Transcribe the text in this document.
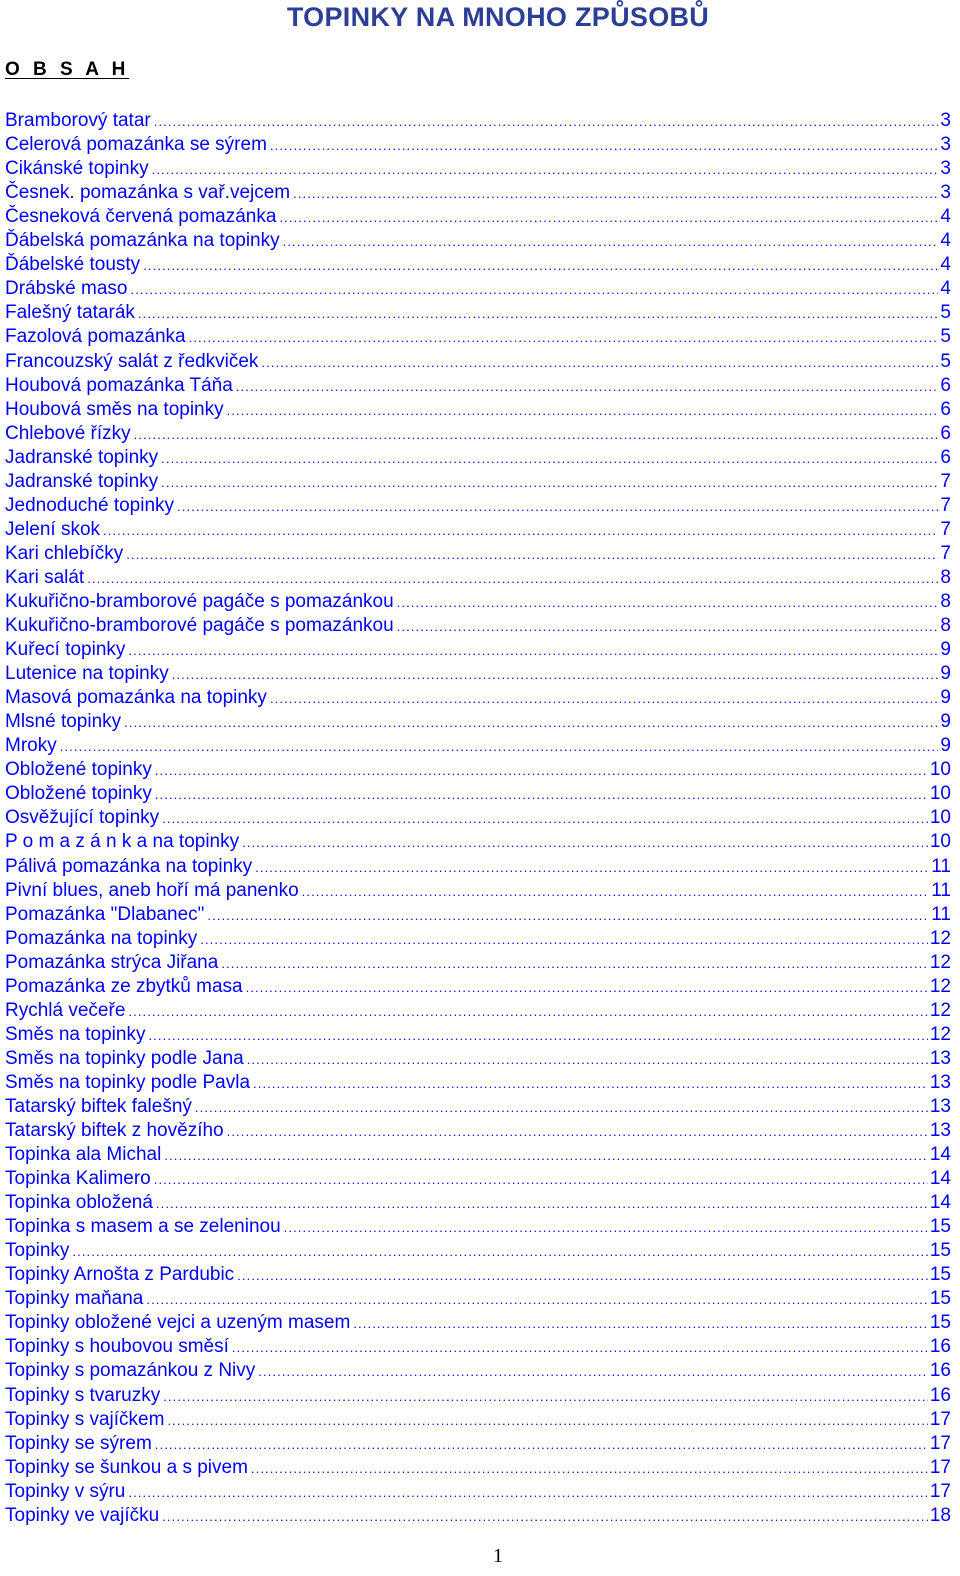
TOPINKY NA MNOHO ZPŮSOBŮ
O B S A H
Bramborový tatar .....	3
Celerová pomazánka se sýrem .....	3
Cikánské topinky .....	3
Česnek. pomazánka s vař.vejcem .....	3
Česneková červená pomazánka .....	4
Ďábelská pomazánka na topinky .....	4
Ďábelské tousty .....	4
Drábské maso .....	4
Falešný tatarák .....	5
Fazolová pomazánka .....	5
Francouzský salát z ředkviček .....	5
Houbová pomazánka Táňa .....	6
Houbová směs na topinky .....	6
Chlebové řízky .....	6
Jadranské topinky .....	6
Jadranské topinky .....	7
Jednoduché topinky .....	7
Jelení skok .....	7
Kari chlebíčky .....	7
Kari salát .....	8
Kukuřično-bramborové pagáče s pomazánkou .....	8
Kukuřično-bramborové pagáče s pomazánkou .....	8
Kuřecí topinky .....	9
Lutenice na topinky .....	9
Masová pomazánka na topinky .....	9
Mlsné topinky .....	9
Mroky .....	9
Obložené topinky .....	10
Obložené topinky .....	10
Osvěžující topinky .....	10
P o m a z á n k a na topinky .....	10
Pálivá pomazánka na topinky .....	11
Pivní blues, aneb hoří má panenko .....	11
Pomazánka "Dlabanec" .....	11
Pomazánka na topinky .....	12
Pomazánka strýca Jiřana .....	12
Pomazánka ze zbytků masa .....	12
Rychlá večeře .....	12
Směs na topinky .....	12
Směs na topinky podle Jana .....	13
Směs na topinky podle Pavla .....	13
Tatarský biftek falešný .....	13
Tatarský biftek z hovězího .....	13
Topinka ala Michal .....	14
Topinka Kalimero .....	14
Topinka obložená .....	14
Topinka s masem a se zeleninou .....	15
Topinky .....	15
Topinky Arnošta z Pardubic .....	15
Topinky maňana .....	15
Topinky obložené vejci a uzeným masem .....	15
Topinky s houbovou směsí .....	16
Topinky s pomazánkou z Nivy .....	16
Topinky s tvaruzky .....	16
Topinky s vajíčkem .....	17
Topinky se sýrem .....	17
Topinky se šunkou a s pivem .....	17
Topinky v sýru .....	17
Topinky ve vajíčku .....	18
1
